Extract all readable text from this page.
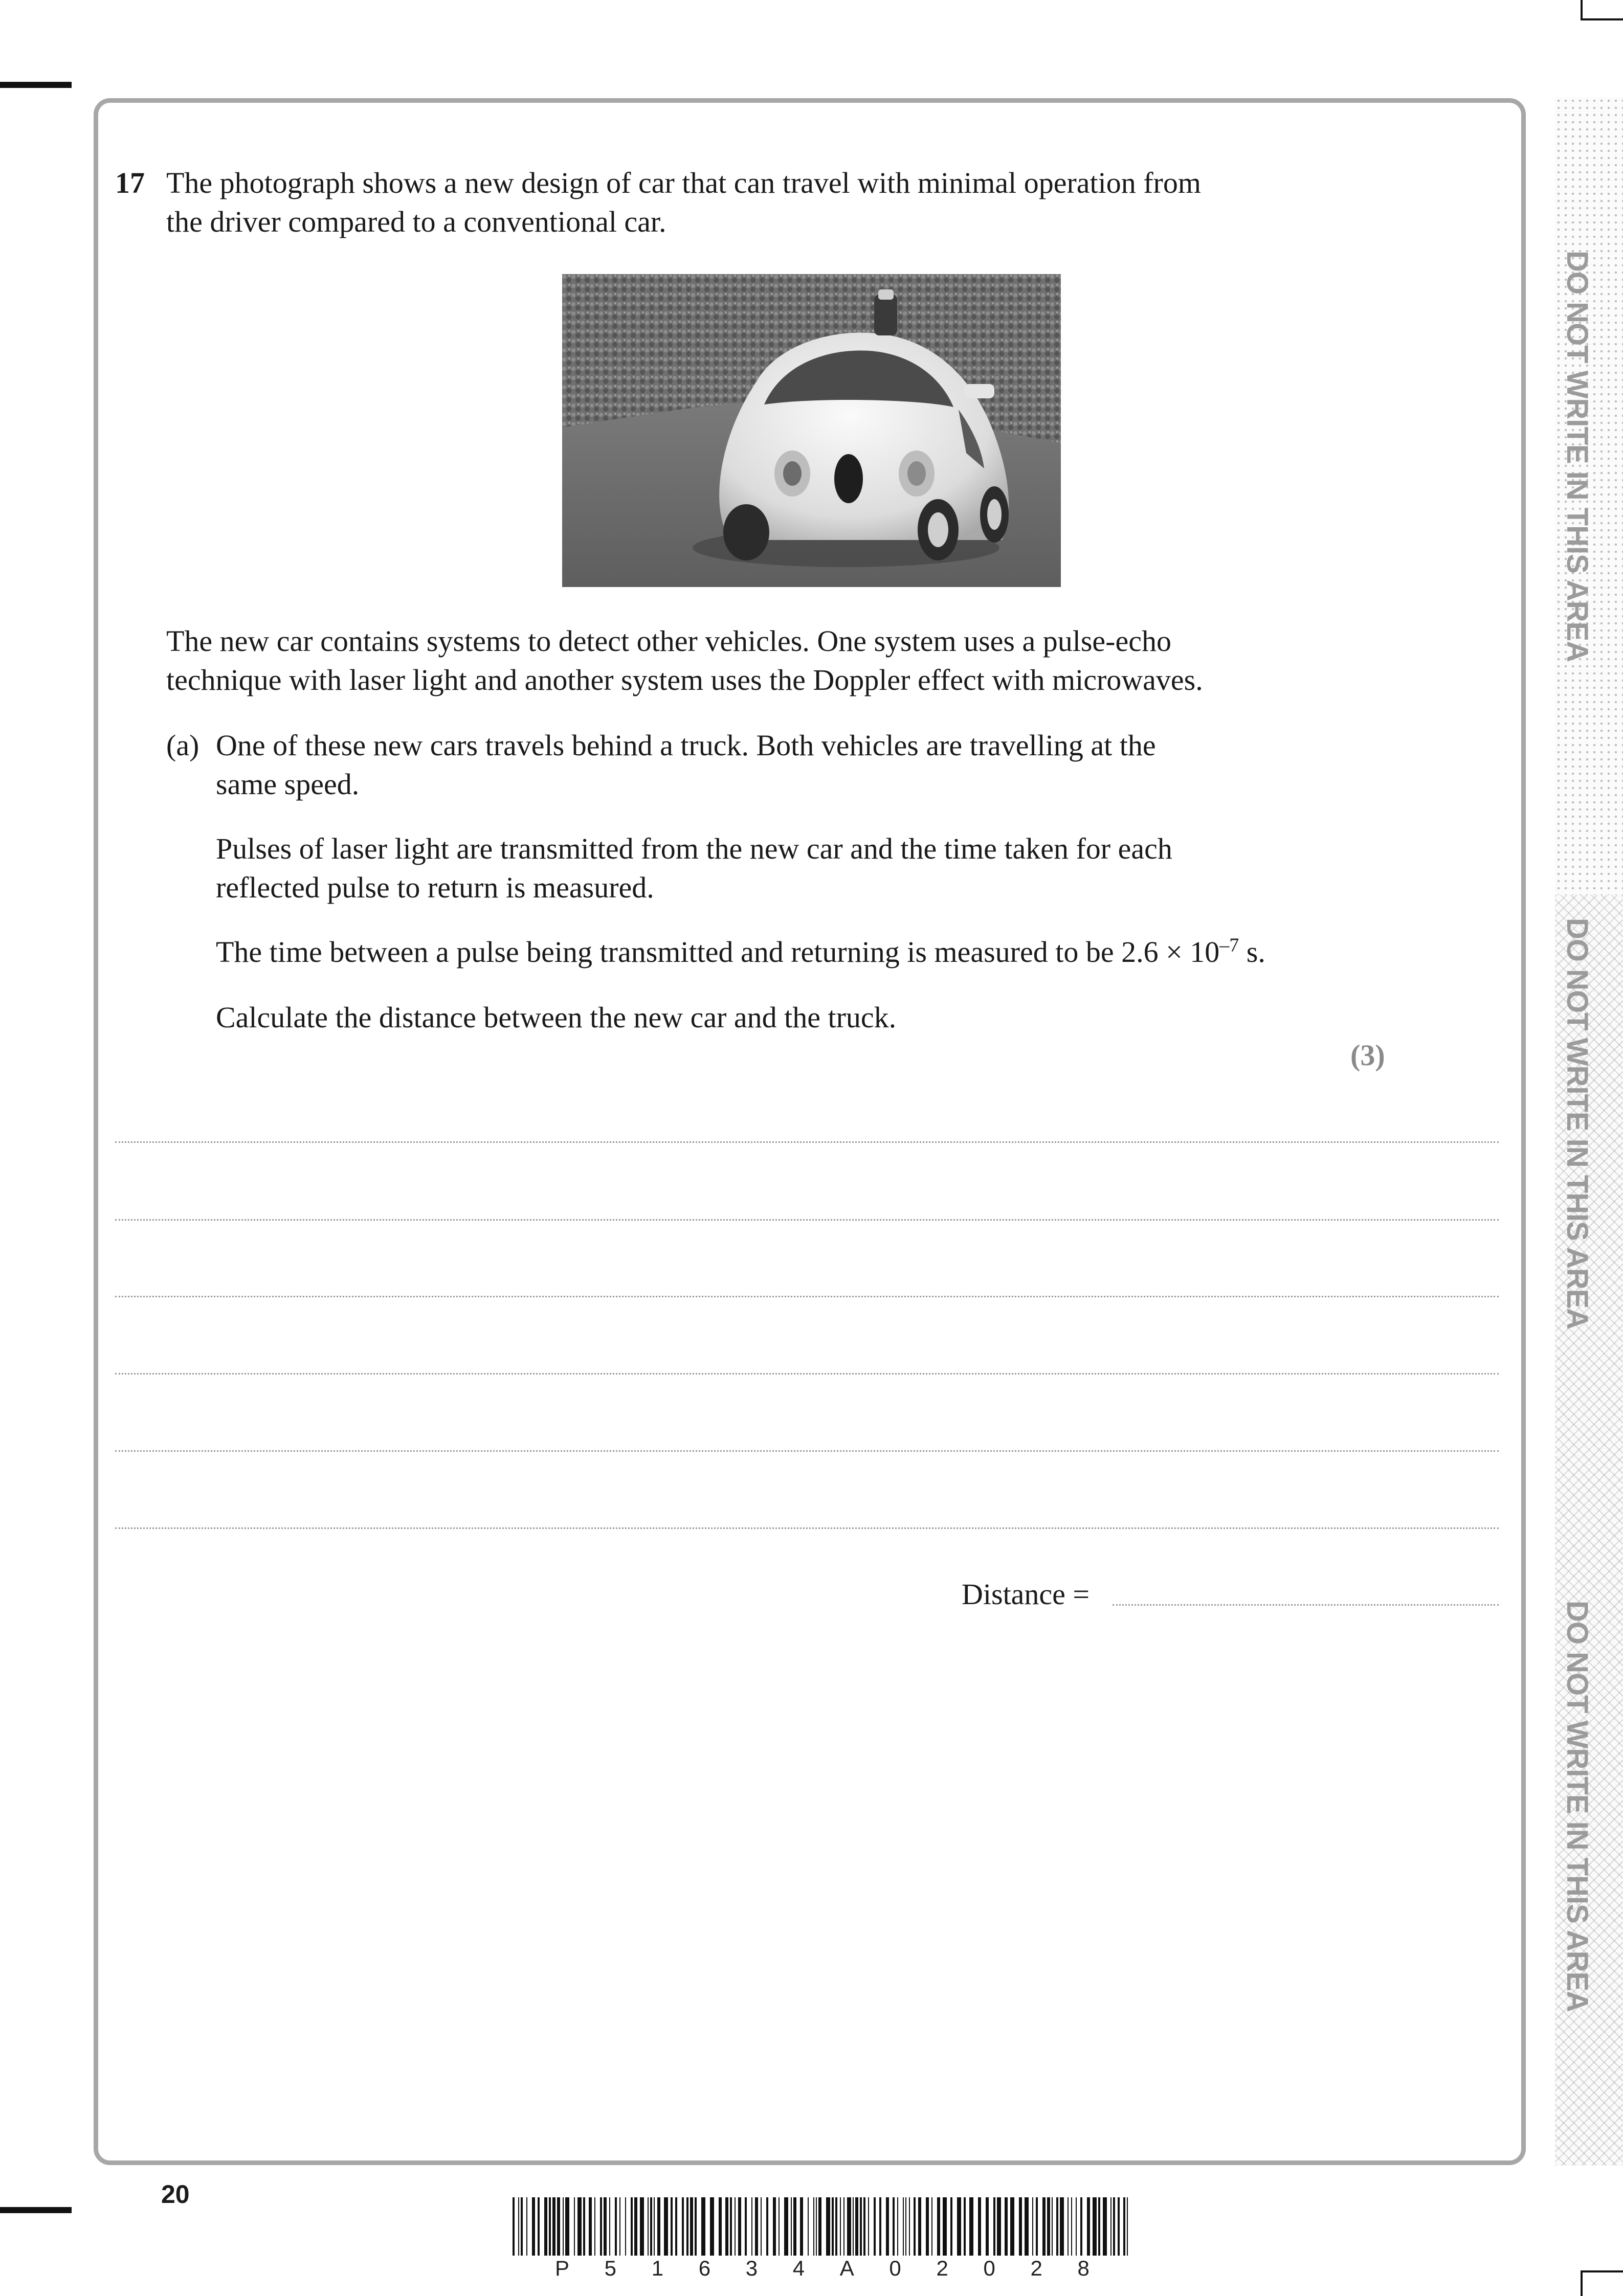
DO NOT WRITE IN THIS AREA
DO NOT WRITE IN THIS AREA
DO NOT WRITE IN THIS AREA
17 The photograph shows a new design of car that can travel with minimal operation from
the driver compared to a conventional car.
The new car contains systems to detect other vehicles. One system uses a pulse-echo
technique with laser light and another system uses the Doppler effect with microwaves.
(a) One of these new cars travels behind a truck. Both vehicles are travelling at the
same speed.
Pulses of laser light are transmitted from the new car and the time taken for each
reflected pulse to return is measured.
The time between a pulse being transmitted and returning is measured to be $2.6 \times 10^{-7}$ s.
Calculate the distance between the new car and the truck.
(3)
Distance =
20
P 5 1 6 3 4 A 0 2 0 2 8
